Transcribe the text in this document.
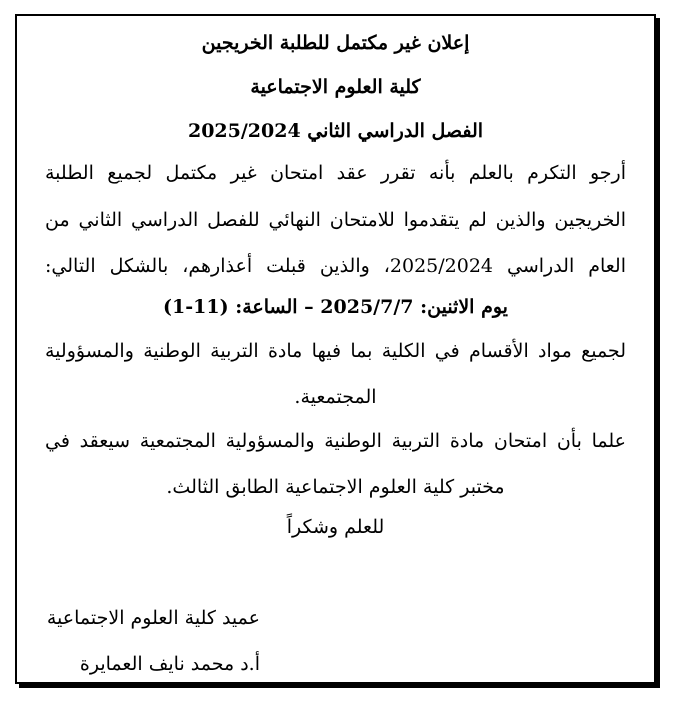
إعلان غير مكتمل للطلبة الخريجين
كلية العلوم الاجتماعية
الفصل الدراسي الثاني 2025/2024
أرجو التكرم بالعلم بأنه تقرر عقد امتحان غير مكتمل لجميع الطلبة
الخريجين والذين لم يتقدموا للامتحان النهائي للفصل الدراسي الثاني من
العام الدراسي 2025/2024، والذين قبلت أعذارهم، بالشكل التالي:
يوم الاثنين: 2025/7/7 – الساعة: (11-1)
لجميع مواد الأقسام في الكلية بما فيها مادة التربية الوطنية والمسؤولية
المجتمعية.
علما بأن امتحان مادة التربية الوطنية والمسؤولية المجتمعية سيعقد في
مختبر كلية العلوم الاجتماعية الطابق الثالث.
للعلم وشكراً
عميد كلية العلوم الاجتماعية
أ.د محمد نايف العمايرة
